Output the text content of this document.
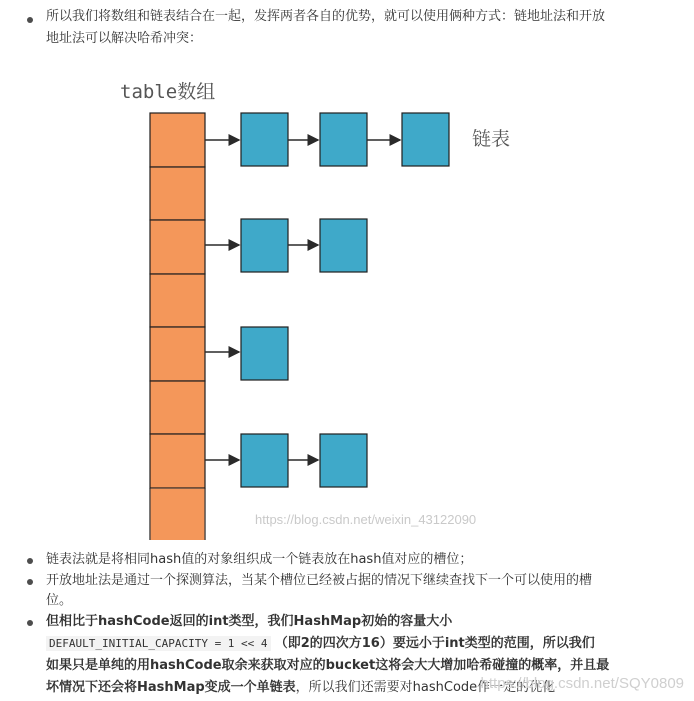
所以我们将数组和链表结合在一起，发挥两者各自的优势，就可以使用俩种方式：链地址法和开放
地址法可以解决哈希冲突：
table数组
链表
https://blog.csdn.net/weixin_43122090
链表法就是将相同hash值的对象组织成一个链表放在hash值对应的槽位；
开放地址法是通过一个探测算法，当某个槽位已经被占据的情况下继续查找下一个可以使用的槽
位。
但相比于hashCode返回的int类型，我们HashMap初始的容量大小
DEFAULT_INITIAL_CAPACITY = 1 << 4 （即2的四次方16）要远小于int类型的范围，所以我们
如果只是单纯的用hashCode取余来获取对应的bucket这将会大大增加哈希碰撞的概率，并且最
坏情况下还会将HashMap变成一个单链表，所以我们还需要对hashCode作一定的优化
https://blog.csdn.net/SQY0809
